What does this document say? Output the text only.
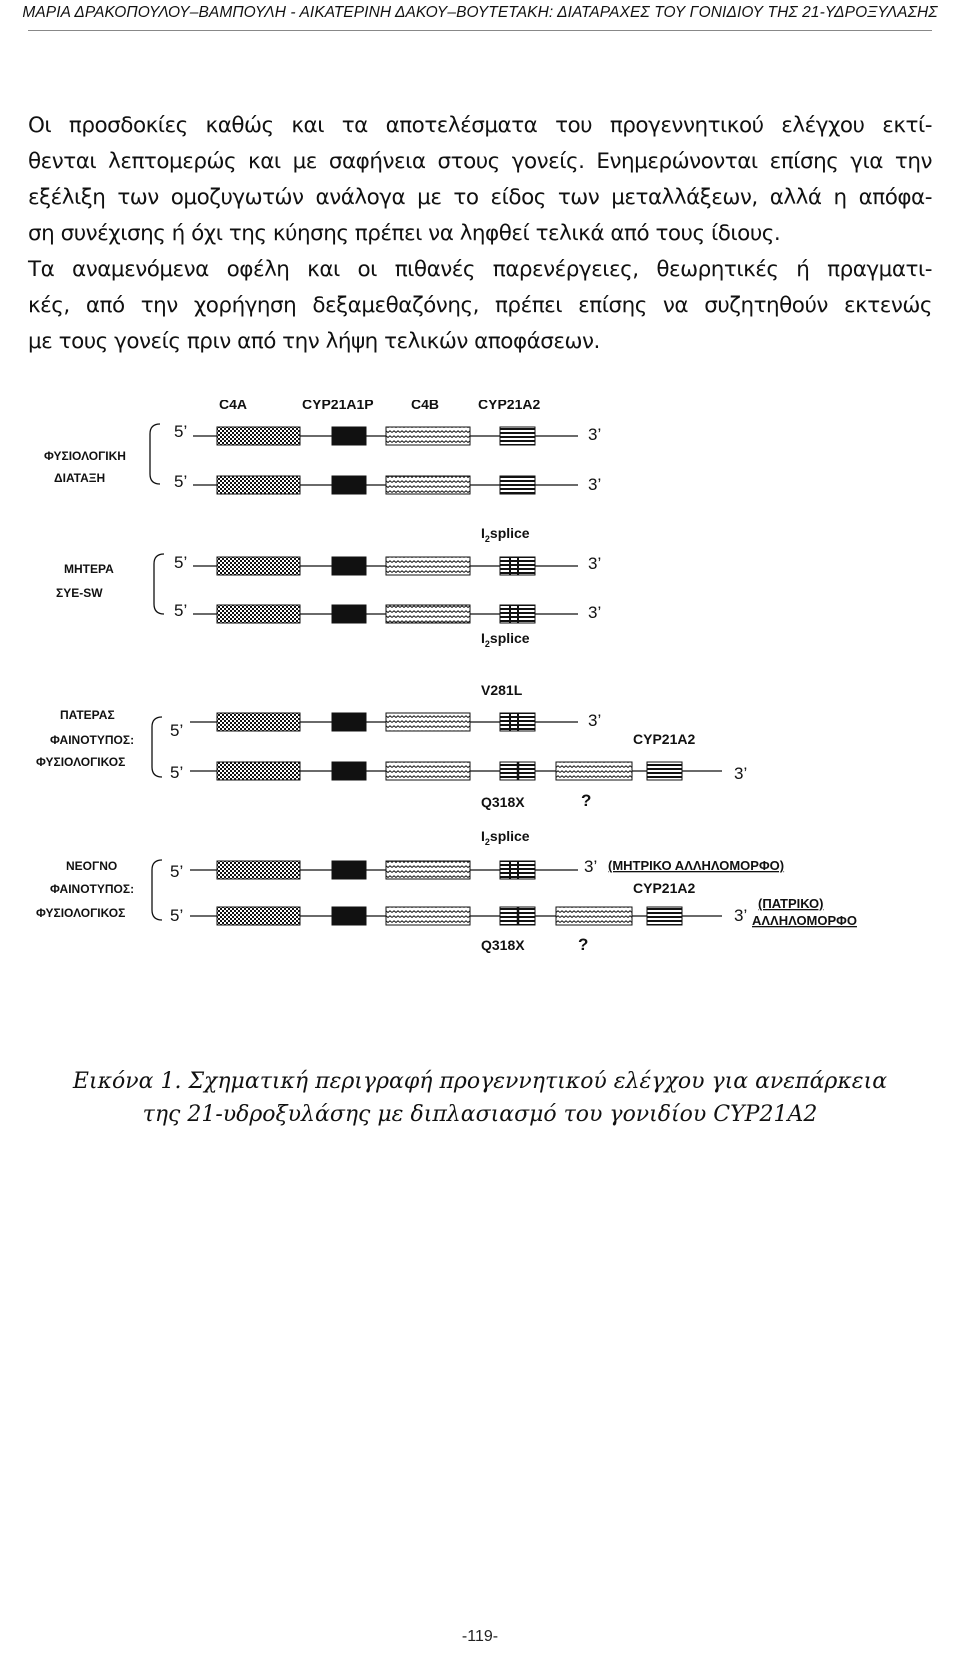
ΜΑΡΙΑ ΔΡΑΚΟΠΟΥΛΟΥ–ΒΑΜΠΟΥΛΗ - ΑΙΚΑΤΕΡΙΝΗ ΔΑΚΟΥ–ΒΟΥΤΕΤΑΚΗ: ΔΙΑΤΑΡΑΧΕΣ ΤΟΥ ΓΟΝΙΔΙΟΥ ΤΗΣ 21-ΥΔΡΟΞΥΛΑΣΗΣ
Οι προσδοκίες καθώς και τα αποτελέσματα του προγεννητικού ελέγχου εκτί-
θενται λεπτομερώς και με σαφήνεια στους γονείς. Ενημερώνονται επίσης για την
εξέλιξη των ομοζυγωτών ανάλογα με το είδος των μεταλλάξεων, αλλά η απόφα-
ση συνέχισης ή όχι της κύησης πρέπει να ληφθεί τελικά από τους ίδιους.
Τα αναμενόμενα οφέλη και οι πιθανές παρενέργειες, θεωρητικές ή πραγματι-
κές, από την χορήγηση δεξαμεθαζόνης, πρέπει επίσης να συζητηθούν εκτενώς
με τους γονείς πριν από την λήψη τελικών αποφάσεων.
C4A	CYP21A1P	C4B	CYP21A2
ΦΥΣΙΟΛΟΓΙΚΗ
ΔΙΑΤΑΞΗ
ΜΗΤΕΡΑ
ΣΥΕ-SW
ΠΑΤΕΡΑΣ
ΦΑΙΝΟΤΥΠΟΣ:
ΦΥΣΙΟΛΟΓΙΚΟΣ
ΝΕΟΓΝΟ
ΦΑΙΝΟΤΥΠΟΣ:
ΦΥΣΙΟΛΟΓΙΚΟΣ
5’
5’
5’
5’
5’
5’
5’
5’
3’
3’
3’
3’
3’
3’
3’
3’
$I_2splice$
$I_2splice$
V281L
CYP21A2
Q318X	?
$I_2splice$
(ΜΗΤΡΙΚΟ ΑΛΛΗΛΟΜΟΡΦΟ)
CYP21A2
(ΠΑΤΡΙΚΟ)
ΑΛΛΗΛΟΜΟΡΦΟ
Q318X	?
Εικόνα 1. Σχηματική περιγραφή προγεννητικού ελέγχου για ανεπάρκεια
της 21-υδροξυλάσης με διπλασιασμό του γονιδίου CYP21A2
-119-
